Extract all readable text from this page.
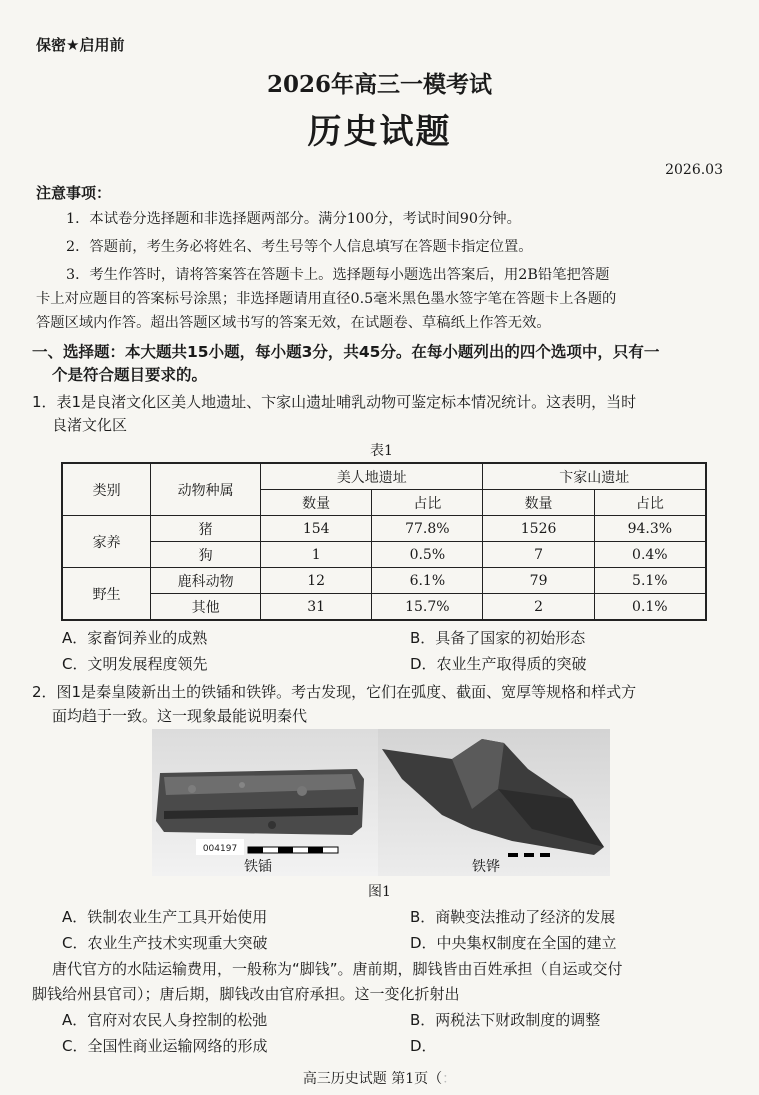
保密★启用前
2026年高三一模考试
历史试题
2026.03
注意事项：
1．本试卷分选择题和非选择题两部分。满分100分，考试时间90分钟。
2．答题前，考生务必将姓名、考生号等个人信息填写在答题卡指定位置。
3．考生作答时，请将答案答在答题卡上。选择题每小题选出答案后，用2B铅笔把答题
卡上对应题目的答案标号涂黑；非选择题请用直径0.5毫米黑色墨水签字笔在答题卡上各题的
答题区域内作答。超出答题区域书写的答案无效，在试题卷、草稿纸上作答无效。
一、选择题：本大题共15小题，每小题3分，共45分。在每小题列出的四个选项中，只有一
个是符合题目要求的。
1．表1是良渚文化区美人地遗址、卞家山遗址哺乳动物可鉴定标本情况统计。这表明，当时
良渚文化区
表1
类别	动物种属	美人地遗址		卞家山遗址	
		数量	占比	数量	占比
家养	猪	154	77.8%	1526	94.3%
	狗	1	0.5%	7	0.4%
野生	鹿科动物	12	6.1%	79	5.1%
	其他	31	15.7%	2	0.1%
A．家畜饲养业的成熟	B．具备了国家的初始形态
C．文明发展程度领先	D．农业生产取得质的突破
2．图1是秦皇陵新出土的铁锸和铁铧。考古发现，它们在弧度、截面、宽厚等规格和样式方
面均趋于一致。这一现象最能说明秦代
004197
铁锸	铁铧
图1
A．铁制农业生产工具开始使用	B．商鞅变法推动了经济的发展
C．农业生产技术实现重大突破	D．中央集权制度在全国的建立
唐代官方的水陆运输费用，一般称为“脚钱”。唐前期，脚钱皆由百姓承担（自运或交付
脚钱给州县官司）；唐后期，脚钱改由官府承担。这一变化折射出
A．官府对农民人身控制的松弛	B．两税法下财政制度的调整
C．全国性商业运输网络的形成	D．
高三历史试题 第1页（：
